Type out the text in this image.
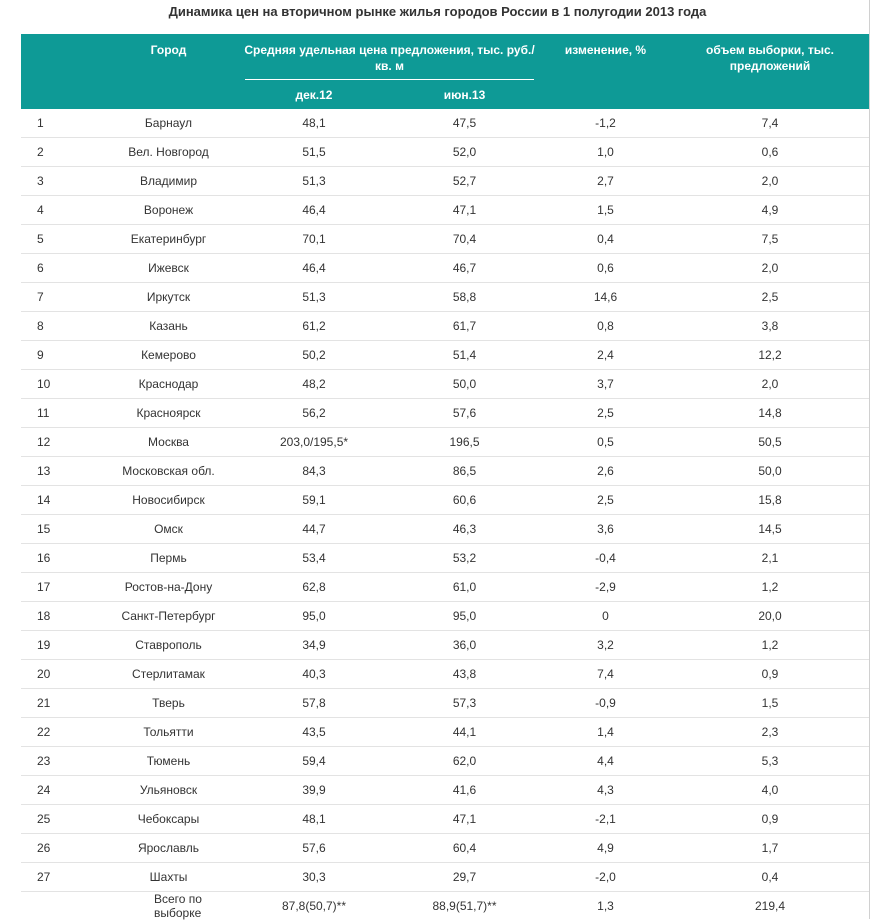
Динамика цен на вторичном рынке жилья городов России в 1 полугодии 2013 года
	Город	Средняя удельная цена предложения, тыс. руб./кв. м		изменение, %	объем выборки, тыс. предложений
		дек.12	июн.13		
1	Барнаул	48,1	47,5	-1,2	7,4
2	Вел. Новгород	51,5	52,0	1,0	0,6
3	Владимир	51,3	52,7	2,7	2,0
4	Воронеж	46,4	47,1	1,5	4,9
5	Екатеринбург	70,1	70,4	0,4	7,5
6	Ижевск	46,4	46,7	0,6	2,0
7	Иркутск	51,3	58,8	14,6	2,5
8	Казань	61,2	61,7	0,8	3,8
9	Кемерово	50,2	51,4	2,4	12,2
10	Краснодар	48,2	50,0	3,7	2,0
11	Красноярск	56,2	57,6	2,5	14,8
12	Москва	203,0/195,5*	196,5	0,5	50,5
13	Московская обл.	84,3	86,5	2,6	50,0
14	Новосибирск	59,1	60,6	2,5	15,8
15	Омск	44,7	46,3	3,6	14,5
16	Пермь	53,4	53,2	-0,4	2,1
17	Ростов-на-Дону	62,8	61,0	-2,9	1,2
18	Санкт-Петербург	95,0	95,0	0	20,0
19	Ставрополь	34,9	36,0	3,2	1,2
20	Стерлитамак	40,3	43,8	7,4	0,9
21	Тверь	57,8	57,3	-0,9	1,5
22	Тольятти	43,5	44,1	1,4	2,3
23	Тюмень	59,4	62,0	4,4	5,3
24	Ульяновск	39,9	41,6	4,3	4,0
25	Чебоксары	48,1	47,1	-2,1	0,9
26	Ярославль	57,6	60,4	4,9	1,7
27	Шахты	30,3	29,7	-2,0	0,4
	Всего по выборке	87,8(50,7)**	88,9(51,7)**	1,3	219,4
